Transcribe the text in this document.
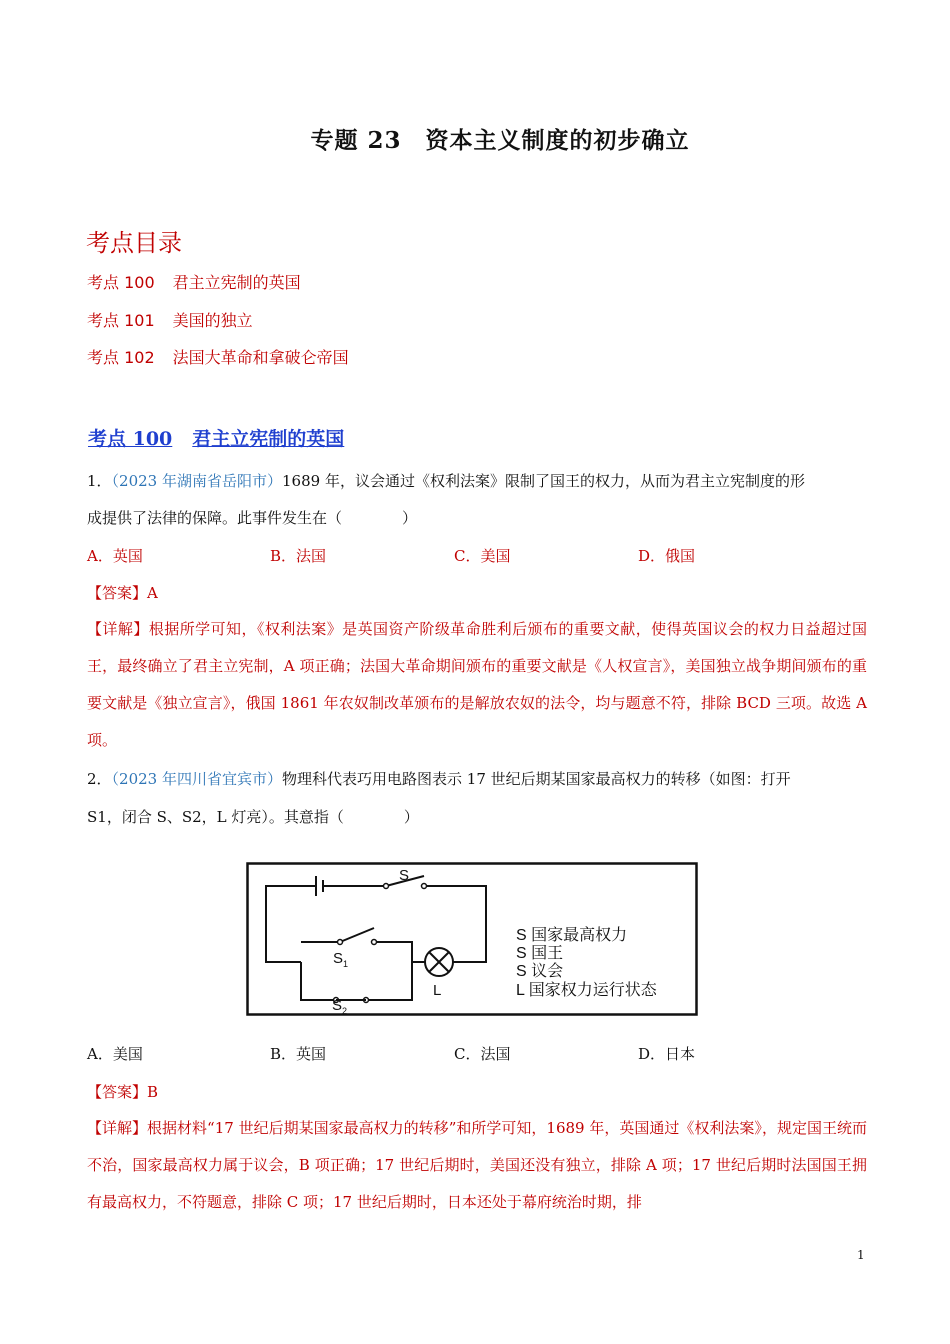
专题 23　资本主义制度的初步确立
考点目录
考点 100 君主立宪制的英国
考点 101 美国的独立
考点 102 法国大革命和拿破仑帝国
考点 100 君主立宪制的英国
1．（2023 年湖南省岳阳市）1689 年，议会通过《权利法案》限制了国王的权力，从而为君主立宪制度的形
成提供了法律的保障。此事件发生在（　　　　）
A．英国	B．法国	C．美国	D．俄国
【答案】A
【详解】根据所学可知，《权利法案》是英国资产阶级革命胜利后颁布的重要文献，使得英国议会的权力日益超过国王，最终确立了君主立宪制，A 项正确；法国大革命期间颁布的重要文献是《人权宣言》，美国独立战争期间颁布的重要文献是《独立宣言》，俄国 1861 年农奴制改革颁布的是解放农奴的法令，均与题意不符，排除 BCD 三项。故选 A 项。
2．（2023 年四川省宜宾市）物理科代表巧用电路图表示 17 世纪后期某国家最高权力的转移（如图：打开
S1，闭合 S、S2，L 灯亮）。其意指（　　　　）
S
$S_1$
$S_2$
L
S 国家最高权力
S 国王
S 议会
L 国家权力运行状态
A．美国	B．英国	C．法国	D．日本
【答案】B
【详解】根据材料“17 世纪后期某国家最高权力的转移”和所学可知，1689 年，英国通过《权利法案》，规定国王统而不治，国家最高权力属于议会，B 项正确；17 世纪后期时，美国还没有独立，排除 A 项；17 世纪后期时法国国王拥有最高权力，不符题意，排除 C 项；17 世纪后期时，日本还处于幕府统治时期，排
1
